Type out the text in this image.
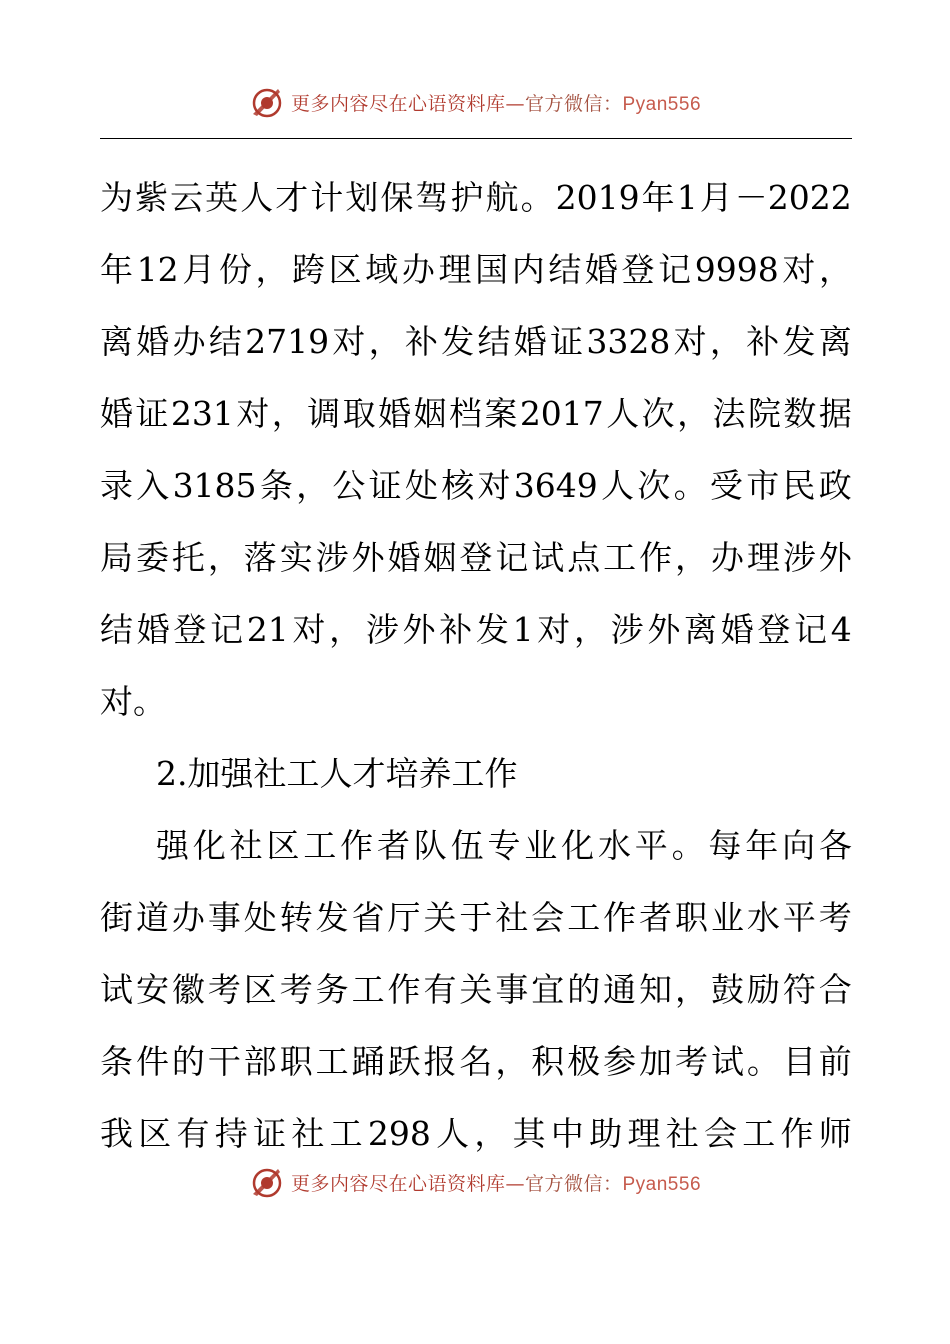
更多内容尽在心语资料库—官方微信：Pyan556
为 紫 云 英 人 才 计 划 保 驾 护 航 。 2019 年 1 月 －2022
年 12 月 份 ， 跨 区 域 办 理 国 内 结 婚 登 记 9998 对 ，
离 婚 办 结 2719 对 ， 补 发 结 婚 证 3328 对 ， 补 发 离
婚 证 231 对 ， 调 取 婚 姻 档 案 2017 人 次 ， 法 院 数 据
录 入 3185 条 ， 公 证 处 核 对 3649 人 次 。 受 市 民 政
局 委 托 ， 落 实 涉 外 婚 姻 登 记 试 点 工 作 ， 办 理 涉 外
结 婚 登 记 21 对 ， 涉 外 补 发 1 对 ， 涉 外 离 婚 登 记 4
对 。
2. 加 强 社 工 人 才 培 养 工 作
强 化 社 区 工 作 者 队 伍 专 业 化 水 平 。 每 年 向 各
街 道 办 事 处 转 发 省 厅 关 于 社 会 工 作 者 职 业 水 平 考
试 安 徽 考 区 考 务 工 作 有 关 事 宜 的 通 知 ， 鼓 励 符 合
条 件 的 干 部 职 工 踊 跃 报 名 ， 积 极 参 加 考 试 。 目 前
我 区 有 持 证 社 工 298 人 ， 其 中 助 理 社 会 工 作 师
更多内容尽在心语资料库—官方微信：Pyan556
